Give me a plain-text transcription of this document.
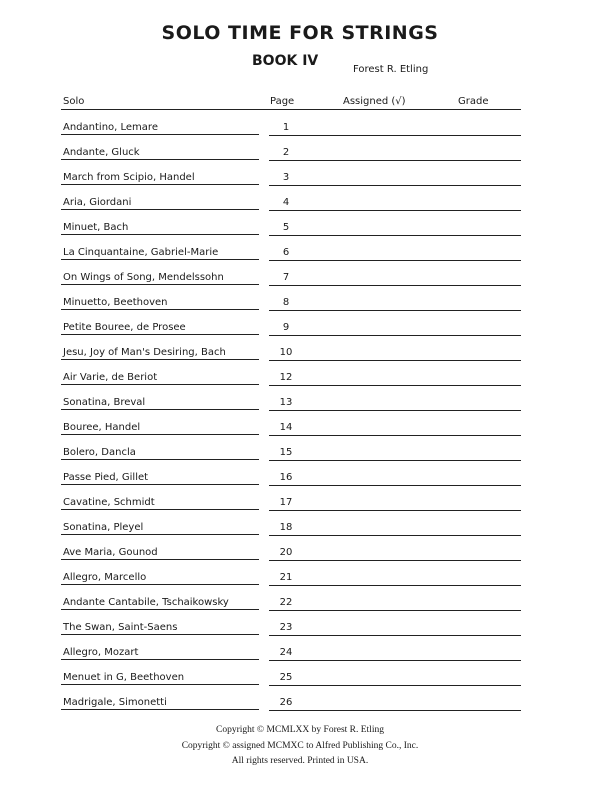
SOLO TIME FOR STRINGS
BOOK IV
Forest R. Etling
Solo	Page	Assigned (√)	Grade
Andantino, Lemare	1
Andante, Gluck	2
March from Scipio, Handel	3
Aria, Giordani	4
Minuet, Bach	5
La Cinquantaine, Gabriel-Marie	6
On Wings of Song, Mendelssohn	7
Minuetto, Beethoven	8
Petite Bouree, de Prosee	9
Jesu, Joy of Man's Desiring, Bach	10
Air Varie, de Beriot	12
Sonatina, Breval	13
Bouree, Handel	14
Bolero, Dancla	15
Passe Pied, Gillet	16
Cavatine, Schmidt	17
Sonatina, Pleyel	18
Ave Maria, Gounod	20
Allegro, Marcello	21
Andante Cantabile, Tschaikowsky	22
The Swan, Saint-Saens	23
Allegro, Mozart	24
Menuet in G, Beethoven	25
Madrigale, Simonetti	26
Copyright © MCMLXX by Forest R. Etling
Copyright © assigned MCMXC to Alfred Publishing Co., Inc.
All rights reserved. Printed in USA.
